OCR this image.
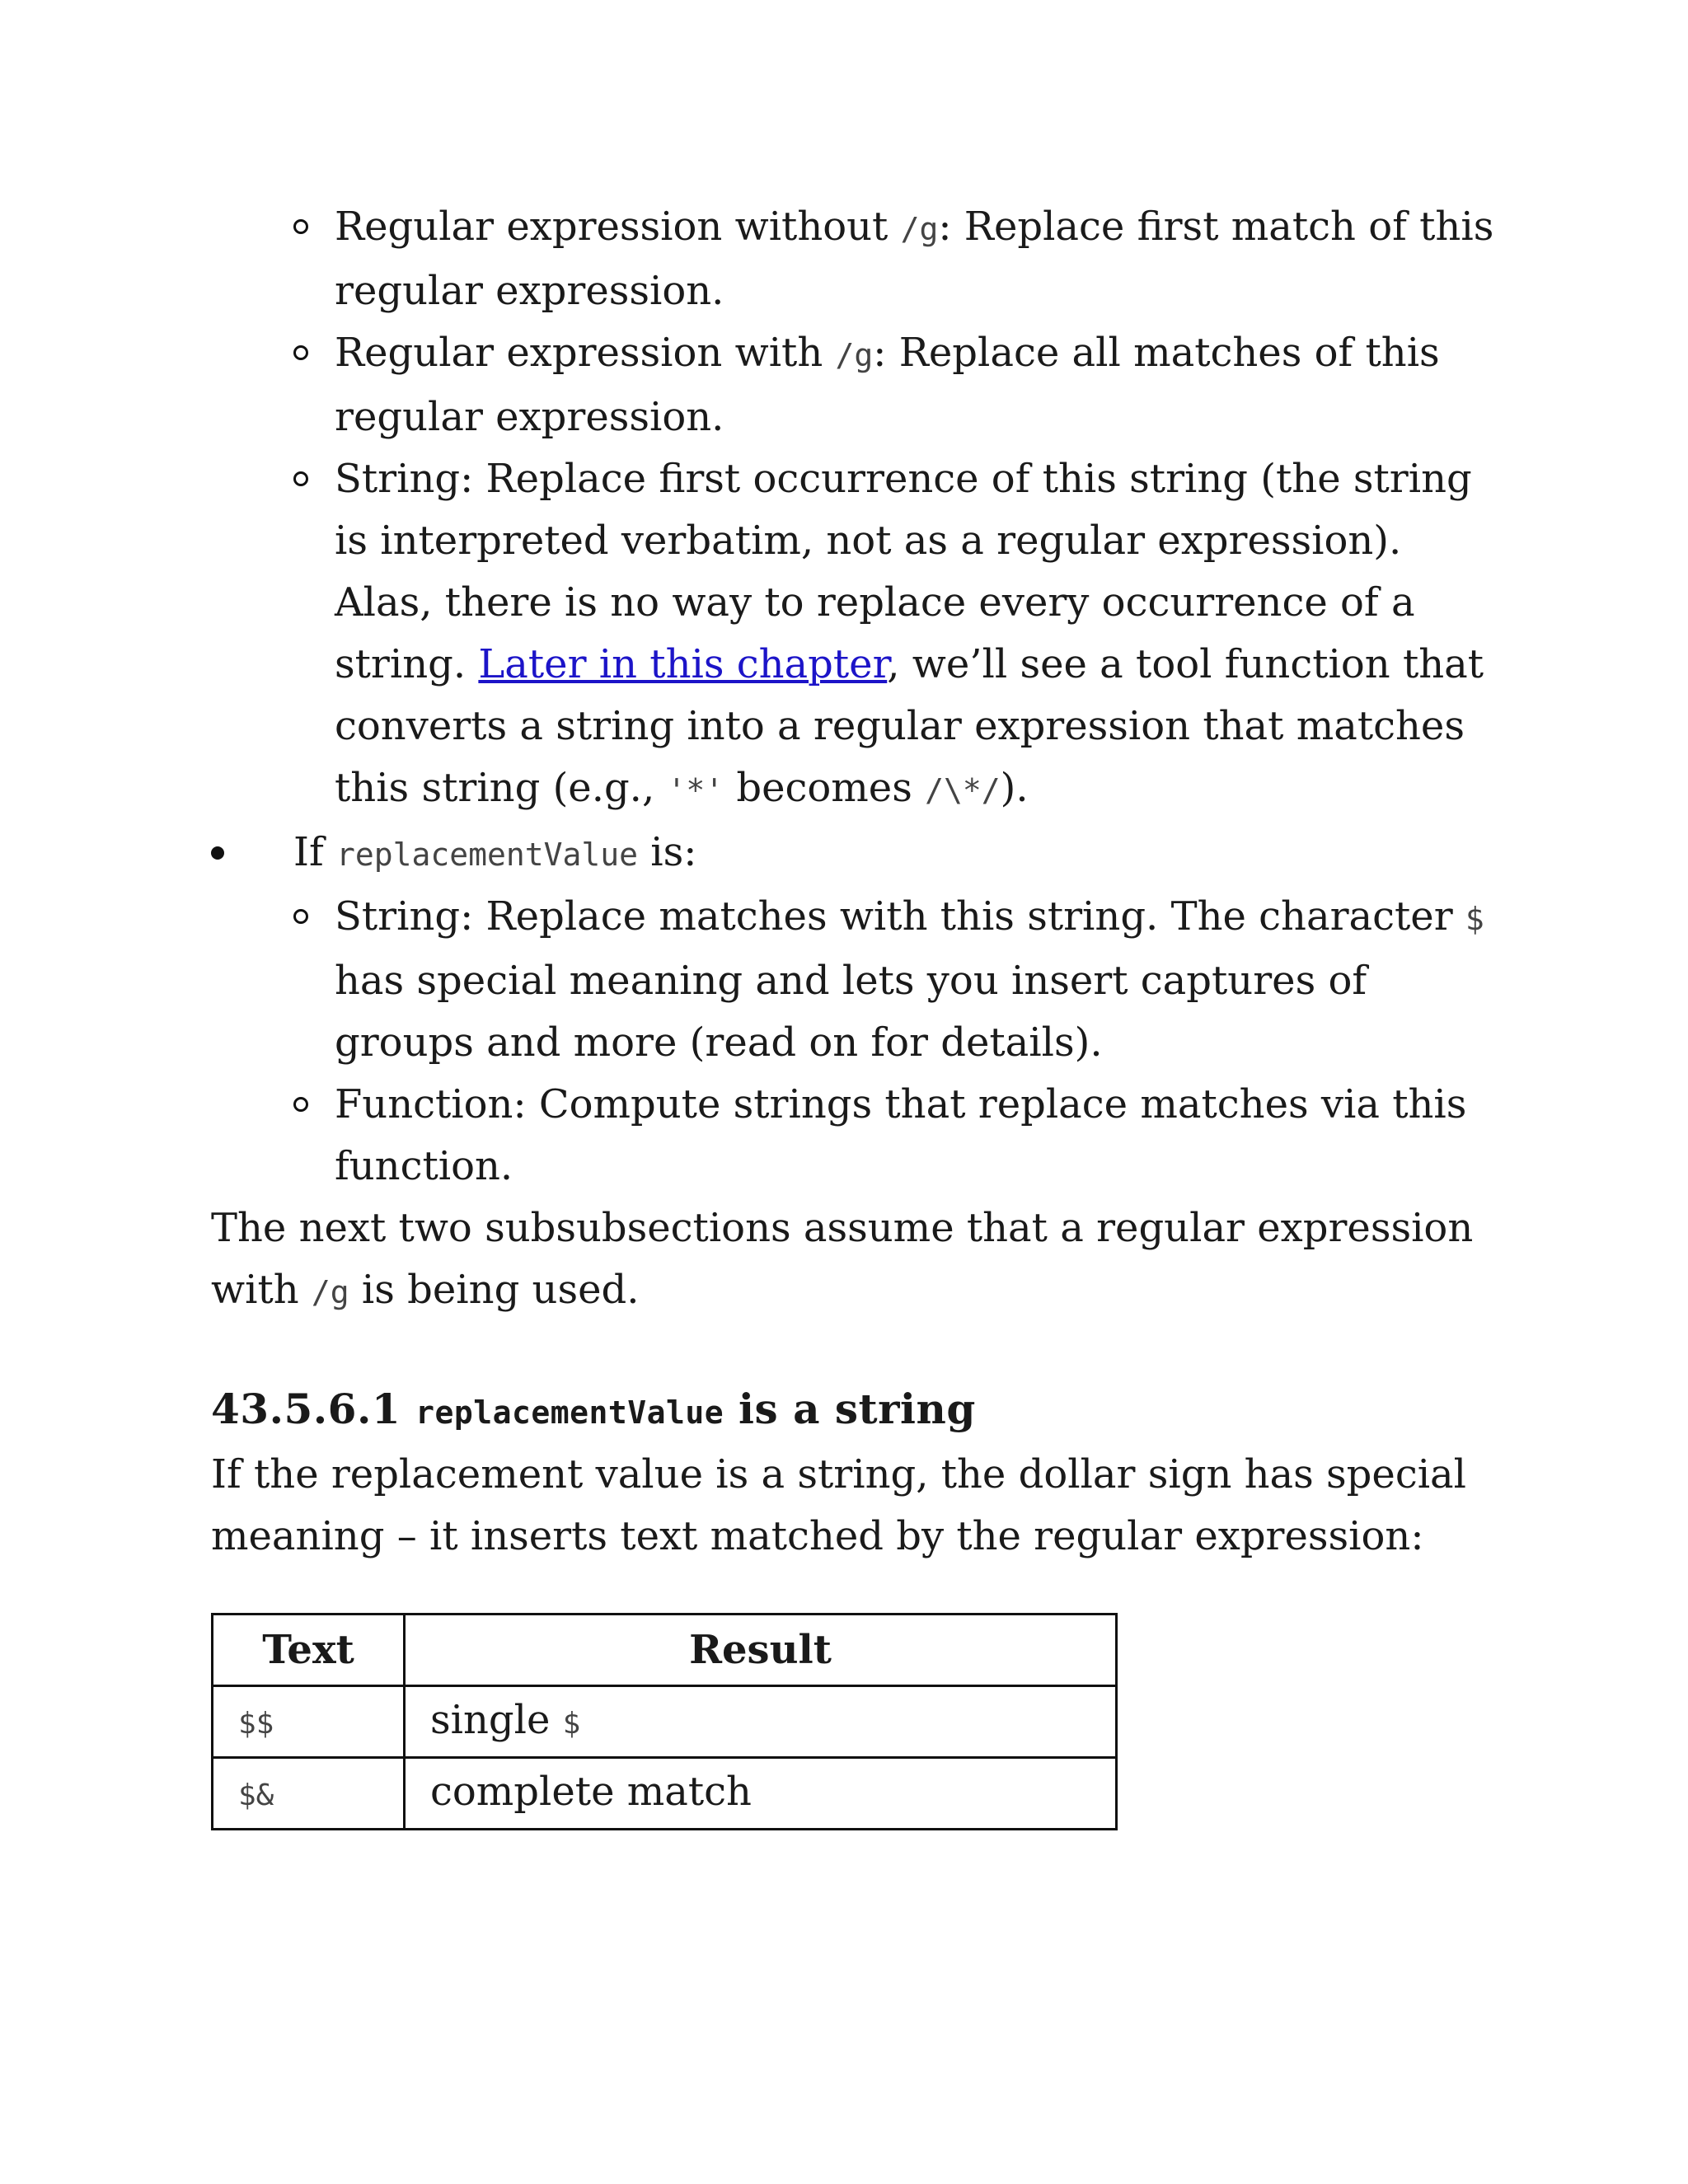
Regular expression without /g: Replace first match of this regular expression.
Regular expression with /g: Replace all matches of this regular expression.
String: Replace first occurrence of this string (the string is interpreted verbatim, not as a regular expression). Alas, there is no way to replace every occurrence of a string. Later in this chapter, we’ll see a tool function that converts a string into a regular expression that matches this string (e.g., '*' becomes /\*/).
If replacementValue is:
String: Replace matches with this string. The character $ has special meaning and lets you insert captures of groups and more (read on for details).
Function: Compute strings that replace matches via this function.

The next two subsubsections assume that a regular expression with /g is being used.

43.5.6.1 replacementValue is a string

If the replacement value is a string, the dollar sign has special meaning – it inserts text matched by the regular expression:

Text	Result
$$	single $
$&	complete match
